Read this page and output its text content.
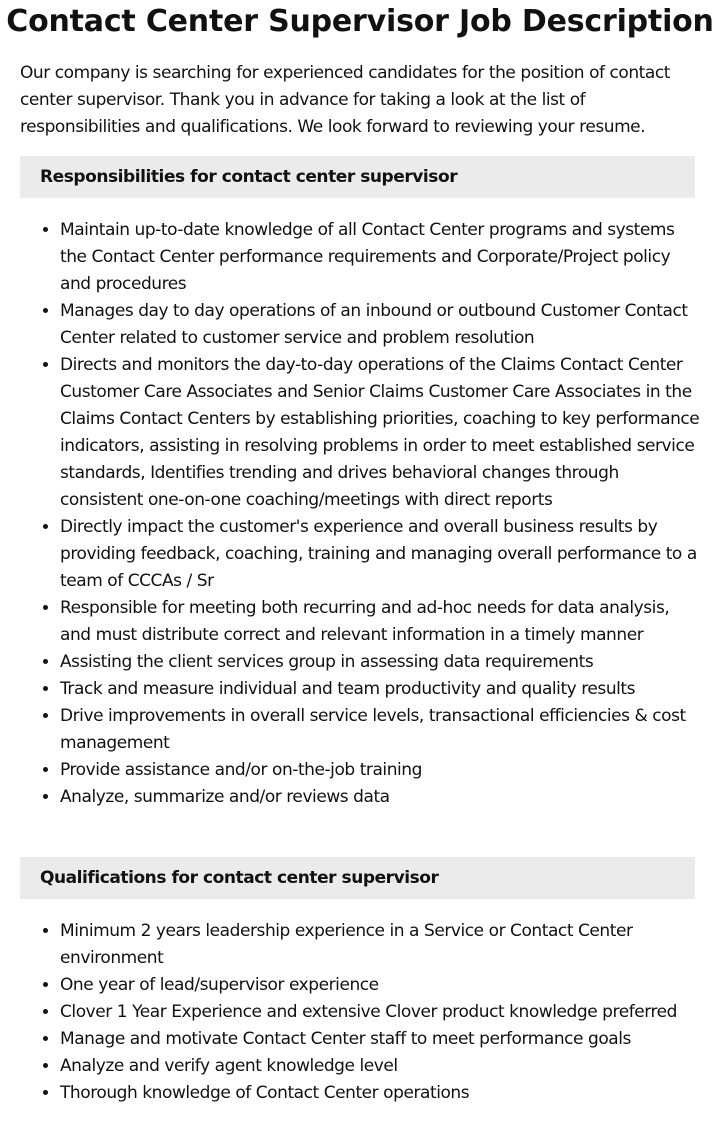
Contact Center Supervisor Job Description

Our company is searching for experienced candidates for the position of contact center supervisor. Thank you in advance for taking a look at the list of responsibilities and qualifications. We look forward to reviewing your resume.

Responsibilities for contact center supervisor
• Maintain up-to-date knowledge of all Contact Center programs and systems the Contact Center performance requirements and Corporate/Project policy and procedures
• Manages day to day operations of an inbound or outbound Customer Contact Center related to customer service and problem resolution
• Directs and monitors the day-to-day operations of the Claims Contact Center Customer Care Associates and Senior Claims Customer Care Associates in the Claims Contact Centers by establishing priorities, coaching to key performance indicators, assisting in resolving problems in order to meet established service standards, Identifies trending and drives behavioral changes through consistent one-on-one coaching/meetings with direct reports
• Directly impact the customer's experience and overall business results by providing feedback, coaching, training and managing overall performance to a team of CCCAs / Sr
• Responsible for meeting both recurring and ad-hoc needs for data analysis, and must distribute correct and relevant information in a timely manner
• Assisting the client services group in assessing data requirements
• Track and measure individual and team productivity and quality results
• Drive improvements in overall service levels, transactional efficiencies & cost management
• Provide assistance and/or on-the-job training
• Analyze, summarize and/or reviews data
Qualifications for contact center supervisor
• Minimum 2 years leadership experience in a Service or Contact Center environment
• One year of lead/supervisor experience
• Clover 1 Year Experience and extensive Clover product knowledge preferred
• Manage and motivate Contact Center staff to meet performance goals
• Analyze and verify agent knowledge level
• Thorough knowledge of Contact Center operations
